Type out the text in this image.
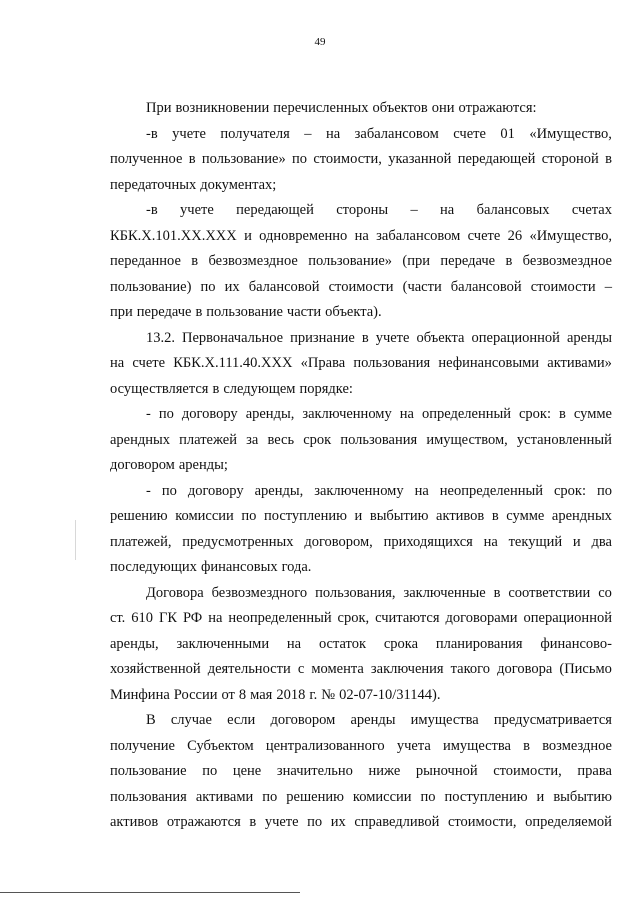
49
При возникновении перечисленных объектов они отражаются:
-в учете получателя – на забалансовом счете 01 «Имущество,
полученное в пользование» по стоимости, указанной передающей стороной в
передаточных документах;
-в учете передающей стороны – на балансовых счетах
КБК.Х.101.ХХ.ХХХ и одновременно на забалансовом счете 26 «Имущество,
переданное в безвозмездное пользование» (при передаче в безвозмездное
пользование) по их балансовой стоимости (части балансовой стоимости –
при передаче в пользование части объекта).
13.2. Первоначальное признание в учете объекта операционной аренды
на счете КБК.Х.111.40.ХХХ «Права пользования нефинансовыми активами»
осуществляется в следующем порядке:
- по договору аренды, заключенному на определенный срок: в сумме
арендных платежей за весь срок пользования имуществом, установленный
договором аренды;
- по договору аренды, заключенному на неопределенный срок: по
решению комиссии по поступлению и выбытию активов в сумме арендных
платежей, предусмотренных договором, приходящихся на текущий и два
последующих финансовых года.
Договора безвозмездного пользования, заключенные в соответствии со
ст. 610 ГК РФ на неопределенный срок, считаются договорами операционной
аренды, заключенными на остаток срока планирования финансово-
хозяйственной деятельности с момента заключения такого договора (Письмо
Минфина России от 8 мая 2018 г. № 02-07-10/31144).
В случае если договором аренды имущества предусматривается
получение Субъектом централизованного учета имущества в возмездное
пользование по цене значительно ниже рыночной стоимости, права
пользования активами по решению комиссии по поступлению и выбытию
активов отражаются в учете по их справедливой стоимости, определяемой
